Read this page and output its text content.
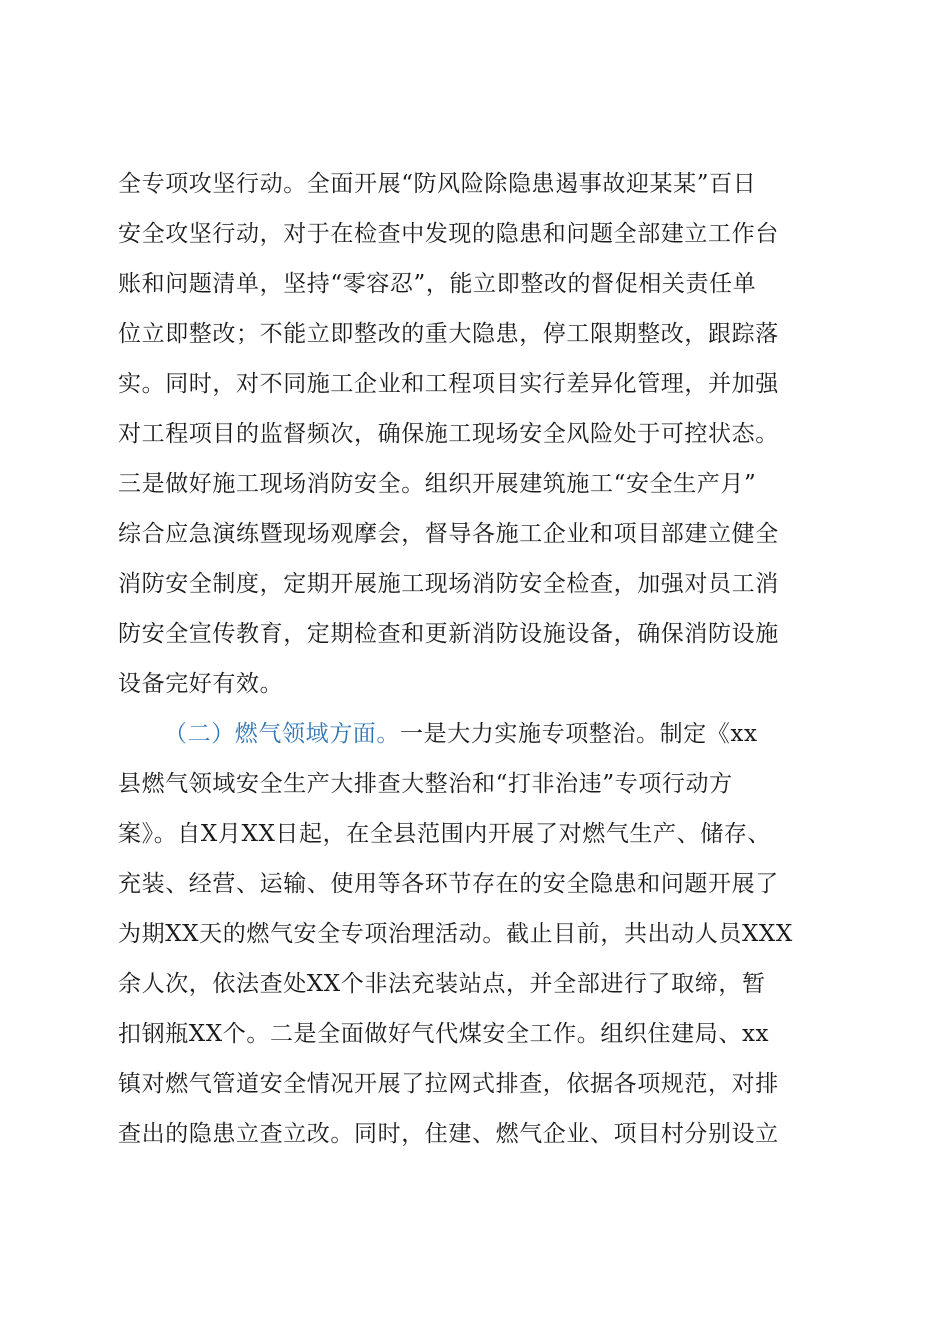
全专项攻坚行动。全面开展“防风险除隐患遏事故迎某某”百日
安全攻坚行动，对于在检查中发现的隐患和问题全部建立工作台
账和问题清单，坚持“零容忍”，能立即整改的督促相关责任单
位立即整改；不能立即整改的重大隐患，停工限期整改，跟踪落
实。同时，对不同施工企业和工程项目实行差异化管理，并加强
对工程项目的监督频次，确保施工现场安全风险处于可控状态。
三是做好施工现场消防安全。组织开展建筑施工“安全生产月”
综合应急演练暨现场观摩会，督导各施工企业和项目部建立健全
消防安全制度，定期开展施工现场消防安全检查，加强对员工消
防安全宣传教育，定期检查和更新消防设施设备，确保消防设施
设备完好有效。
（二）燃气领域方面。一是大力实施专项整治。制定《xx
县燃气领域安全生产大排查大整治和“打非治违”专项行动方
案》。自X月XX日起，在全县范围内开展了对燃气生产、储存、
充装、经营、运输、使用等各环节存在的安全隐患和问题开展了
为期XX天的燃气安全专项治理活动。截止目前，共出动人员XXX
余人次，依法查处XX个非法充装站点，并全部进行了取缔，暂
扣钢瓶XX个。二是全面做好气代煤安全工作。组织住建局、xx
镇对燃气管道安全情况开展了拉网式排查，依据各项规范，对排
查出的隐患立查立改。同时，住建、燃气企业、项目村分别设立
